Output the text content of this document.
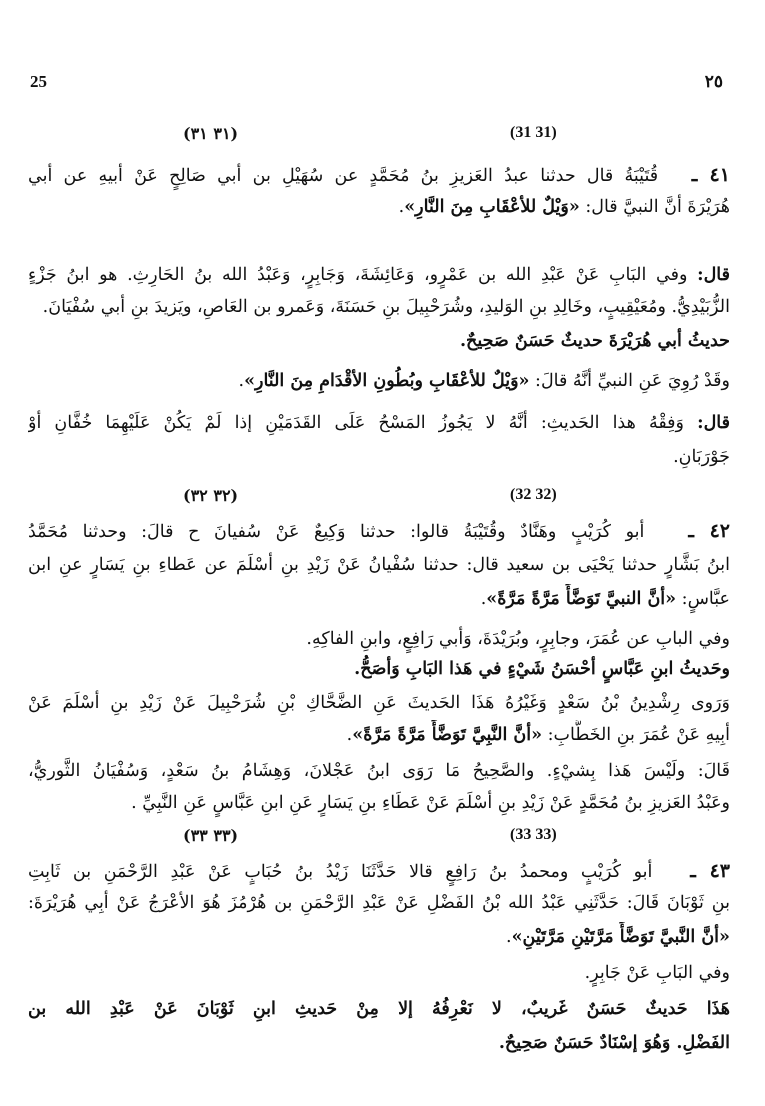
25	٢٥
(٣١ ٣١)	(31 31)
٤١ ـ   قُتَيْبَةُ قال حدثنا عبدُ العَزيزِ بنُ مُحَمَّدٍ عن سُهَيْلِ بن أبي صَالِحٍ عَنْ أبيهِ عن أبي
هُرَيْرَةَ أنَّ النبيَّ قال: «وَيْلٌ للأعْقَابِ مِنَ النَّارِ».
قال: وفي البَابِ عَنْ عَبْدِ الله بن عَمْرٍو، وَعَائِشَةَ، وَجَابِرٍ، وَعَبْدُ الله بنُ الحَارِثِ. هو ابنُ جَزْءٍ
الزُّبَيْدِيُّ. ومُعَيْقِيبٍ، وخَالِدِ بنِ الوَليدِ، وشُرَحْبِيلَ بنِ حَسَنَةَ، وَعَمرو بن العَاصِ، ويَزيدَ بنِ أبي سُفْيَانَ.
حديثُ أبي هُرَيْرَةَ حديثٌ حَسَنٌ صَحِيحٌ.
وقَدْ رُوِيَ عَنِ النبيِّ أنَّهُ قالَ: «وَيْلٌ للأعْقَابِ وبُطُونِ الأقْدَامِ مِنَ النَّارِ».
قال: وَفِقْهُ هذا الحَديثِ: أنَّهُ لا يَجُوزُ المَسْحُ عَلَى القَدَمَيْنِ إذا لَمْ يَكُنْ عَلَيْهِمَا خُفَّانِ أوْ
جَوْرَبَانِ.
(٣٢ ٣٢)	(32 32)
٤٢ ـ   أبو كُرَيْبٍ وهَنَّادٌ وقُتَيْبَةُ قالوا: حدثنا وَكِيعٌ عَنْ سُفيانَ ح قالَ: وحدثنا مُحَمَّدُ
ابنُ بَشَّارٍ حدثنا يَحْيَى بن سعيد قال: حدثنا سُفْيانُ عَنْ زَيْدِ بنِ أسْلَمَ عن عَطاءِ بنِ يَسَارٍ عنِ ابن
عبَّاسٍ: «أنَّ النبيَّ تَوَضَّأَ مَرَّةً مَرَّةً».
وفي البابِ عن عُمَرَ، وجابِرٍ، وبُرَيْدَةَ، وَأبي رَافِعٍ، وابنِ الفاكِهِ.
وحَديثُ ابنِ عَبَّاسٍ أحْسَنُ شَيْءٍ في هَذا البَابِ وَأصَحُّ.
وَرَوى رِشْدِينُ بْنُ سَعْدٍ وَغَيْرُهُ هَذَا الحَديثَ عَنِ الضَّحَّاكِ بْنِ شُرَحْبِيلَ عَنْ زَيْدِ بنِ أسْلَمَ عَنْ
أبِيهِ عَنْ عُمَرَ بنِ الخَطَّابِ: «أنَّ النَّبِيَّ تَوَضَّأَ مَرَّةً مَرَّةً».
قَالَ: ولَيْسَ هَذا بِشيْءٍ. والصَّحِيحُ مَا رَوَى ابنُ عَجْلانَ، وَهِشَامُ بنُ سَعْدٍ، وَسُفْيَانُ الثَّوريُّ،
وعَبْدُ العَزيزِ بنُ مُحَمَّدٍ عَنْ زَيْدِ بنِ أسْلَمَ عَنْ عَطَاءِ بنِ يَسَارٍ عَنِ ابنِ عَبَّاسٍ عَنِ النَّبِيِّ .
(٣٣ ٣٣)	(33 33)
٤٣ ـ   أبو كُرَيْبٍ ومحمدُ بنُ رَافِعٍ قالا حَدَّثَنَا زَيْدُ بنُ حُبَابٍ عَنْ عَبْدِ الرَّحْمَنِ بن ثَابِتِ
بنِ ثَوْبَانَ قَالَ: حَدَّثَنِي عَبْدُ الله بْنُ الفَضْلِ عَنْ عَبْدِ الرَّحْمَنِ بن هُرْمُزَ هُوَ الأعْرَجُ عَنْ أبِي هُرَيْرَةَ:
«أنَّ النَّبيَّ تَوَضَّأَ مَرَّتَيْنِ مَرَّتَيْنِ».
وفي البَابِ عَنْ جَابِرٍ.
هَذَا حَديثٌ حَسَنٌ غَريبٌ، لا نَعْرِفُهُ إلا مِنْ حَديثِ ابنِ ثَوْبَانَ عَنْ عَبْدِ الله بن
الفَضْلِ. وَهُوَ إسْنَادٌ حَسَنٌ صَحِيحٌ.
